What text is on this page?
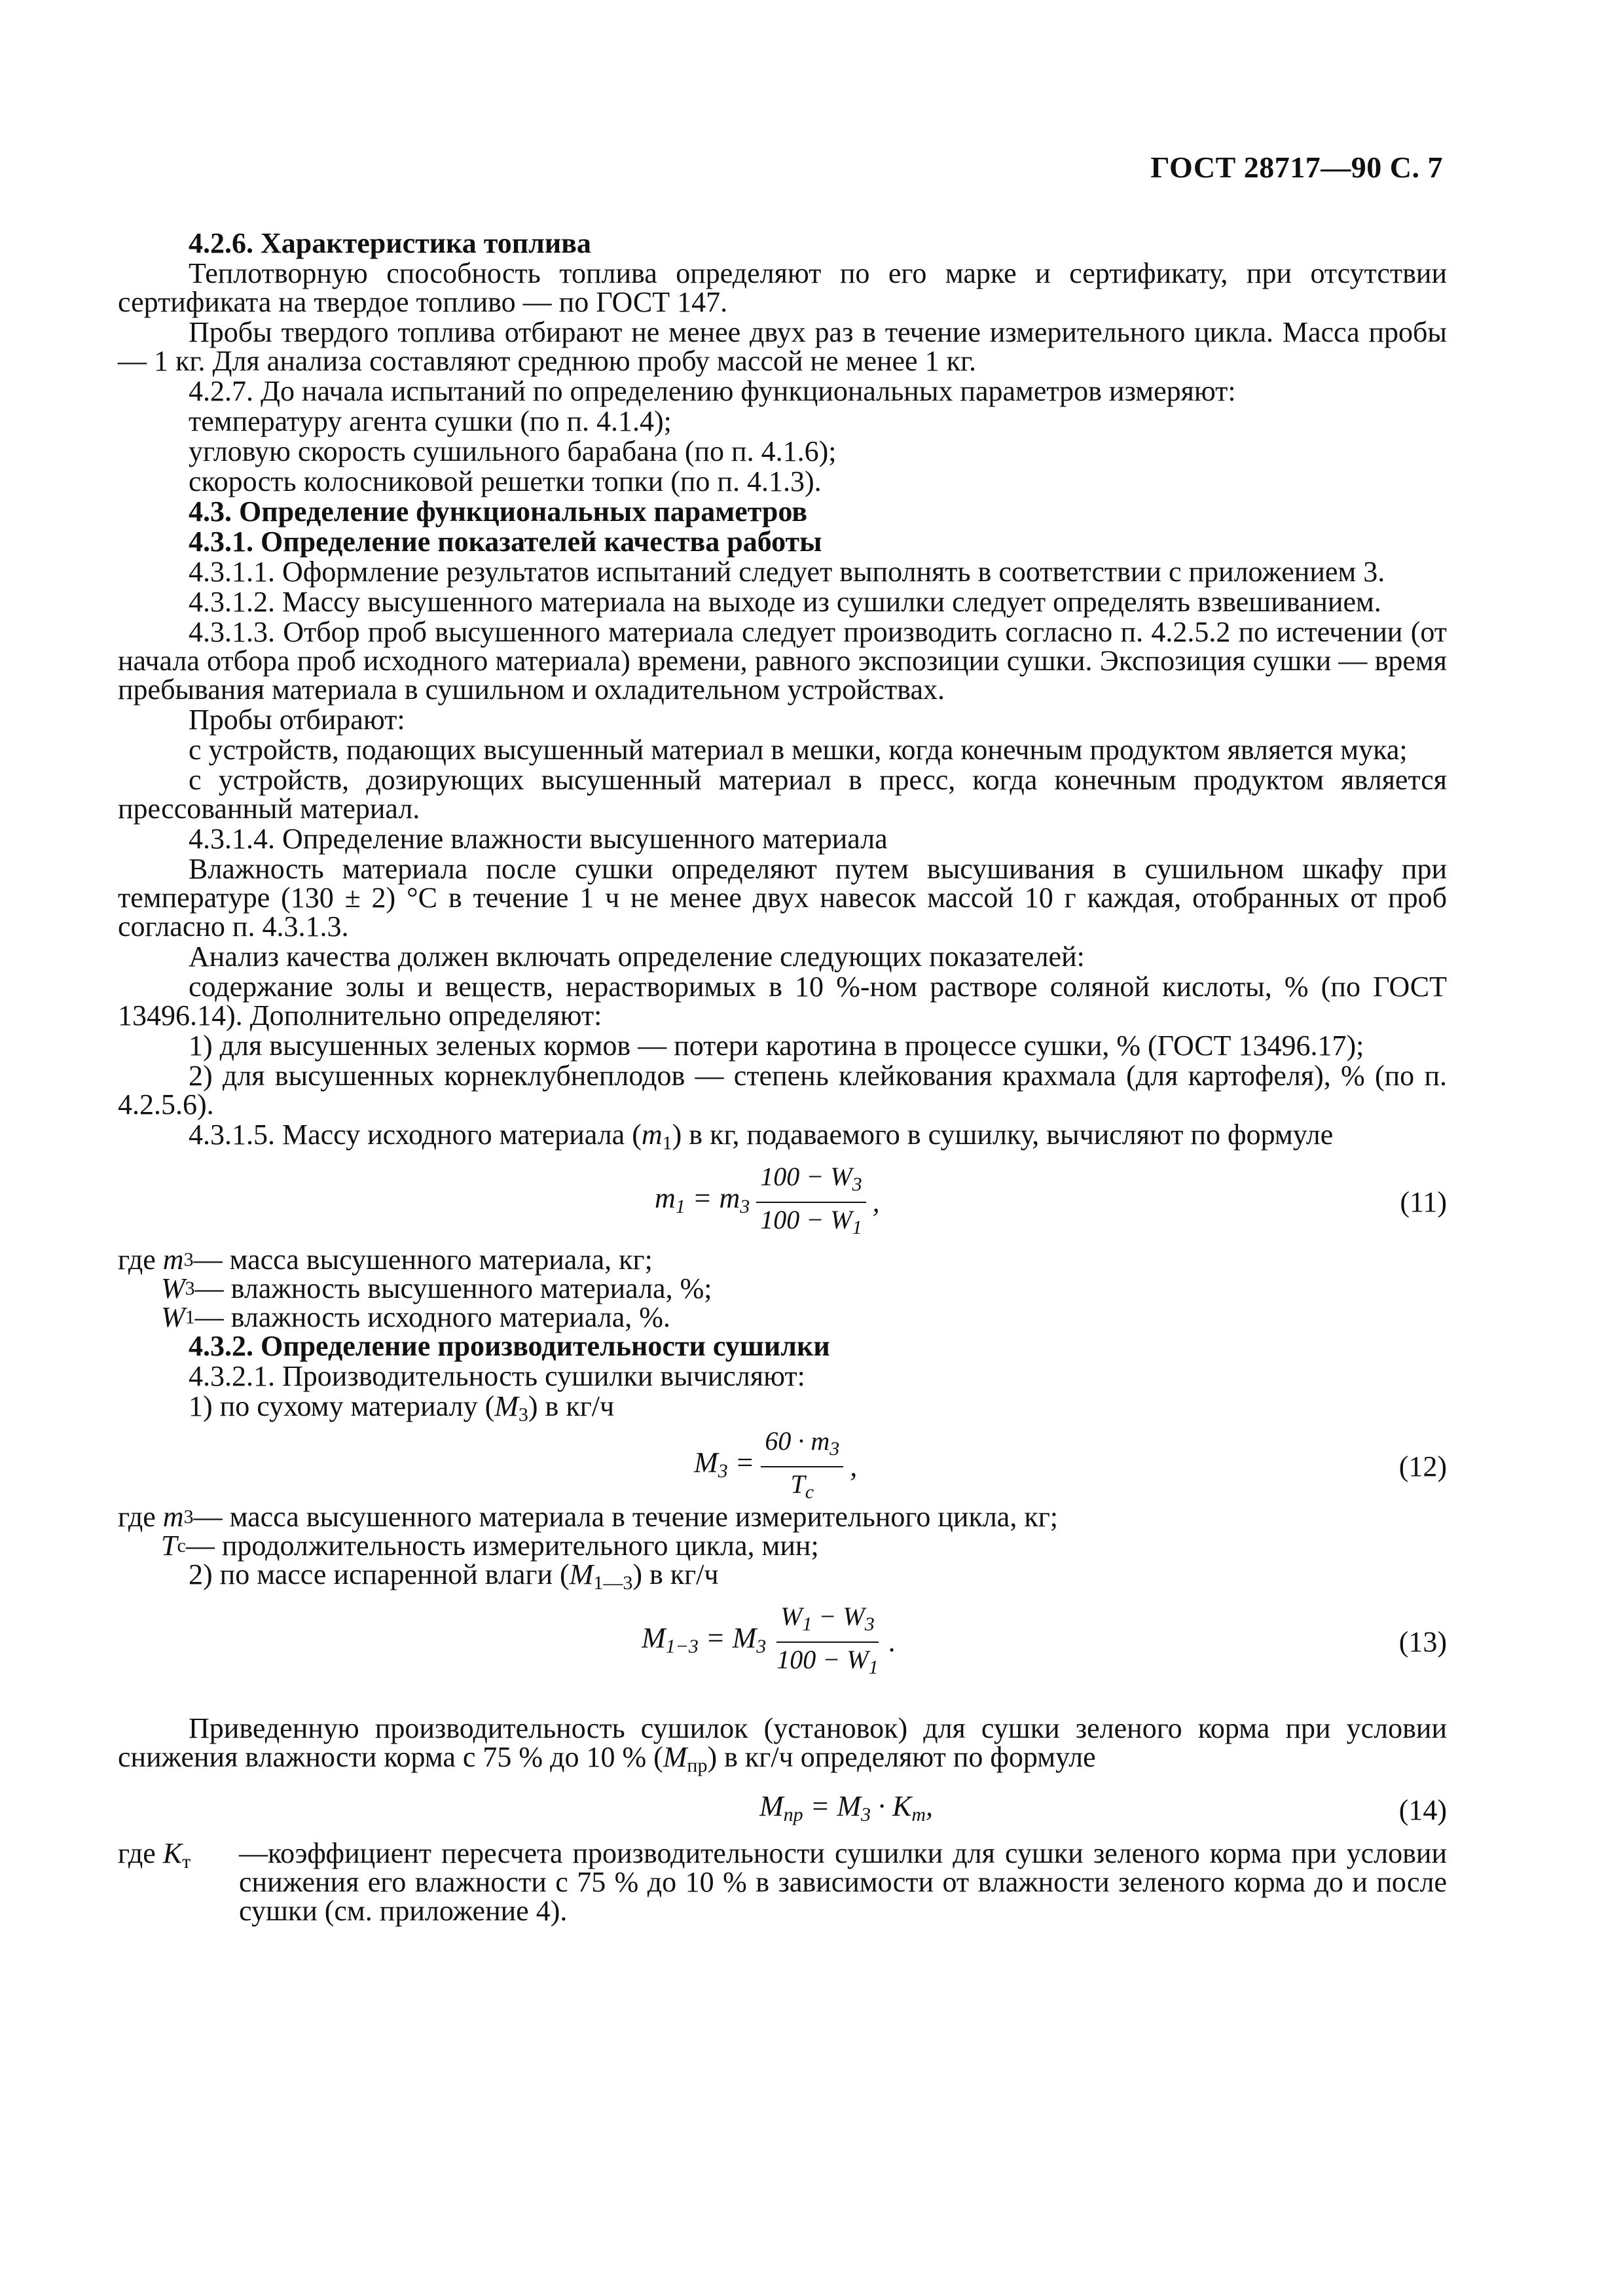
ГОСТ 28717—90 С. 7

4.2.6. Характеристика топлива

Теплотворную способность топлива определяют по его марке и сертификату, при отсутствии сертификата на твердое топливо — по ГОСТ 147.

Пробы твердого топлива отбирают не менее двух раз в течение измерительного цикла. Масса пробы — 1 кг. Для анализа составляют среднюю пробу массой не менее 1 кг.

4.2.7. До начала испытаний по определению функциональных параметров измеряют:

температуру агента сушки (по п. 4.1.4);

угловую скорость сушильного барабана (по п. 4.1.6);

скорость колосниковой решетки топки (по п. 4.1.3).

4.3. Определение функциональных параметров

4.3.1. Определение показателей качества работы

4.3.1.1. Оформление результатов испытаний следует выполнять в соответствии с приложением 3.

4.3.1.2. Массу высушенного материала на выходе из сушилки следует определять взвешиванием.

4.3.1.3. Отбор проб высушенного материала следует производить согласно п. 4.2.5.2 по истечении (от начала отбора проб исходного материала) времени, равного экспозиции сушки. Экспозиция сушки — время пребывания материала в сушильном и охладительном устройствах.

Пробы отбирают:

с устройств, подающих высушенный материал в мешки, когда конечным продуктом является мука;

с устройств, дозирующих высушенный материал в пресс, когда конечным продуктом является прессованный материал.

4.3.1.4. Определение влажности высушенного материала

Влажность материала после сушки определяют путем высушивания в сушильном шкафу при температуре (130 ± 2) °С в течение 1 ч не менее двух навесок массой 10 г каждая, отобранных от проб согласно п. 4.3.1.3.

Анализ качества должен включать определение следующих показателей:

содержание золы и веществ, нерастворимых в 10 %-ном растворе соляной кислоты, % (по ГОСТ 13496.14). Дополнительно определяют:

1) для высушенных зеленых кормов — потери каротина в процессе сушки, % (ГОСТ 13496.17);

2) для высушенных корнеклубнеплодов — степень клейкования крахмала (для картофеля), % (по п. 4.2.5.6).

4.3.1.5. Массу исходного материала $(m_1)$ в кг, подаваемого в сушилку, вычисляют по формуле

$m_1 = m_3 \frac{100 - W_3}{100 - W_1}$ ,	(11)
где m 3 — масса высушенного материала, кг;

W 3 — влажность высушенного материала, %;

W 1 — влажность исходного материала, %.

4.3.2. Определение производительности сушилки

4.3.2.1. Производительность сушилки вычисляют:

1) по сухому материалу $(M_3)$ в кг/ч

$M_3 = \frac{60 \cdot m_3}{T_c}$ ,	(12)
где m 3 — масса высушенного материала в течение измерительного цикла, кг;

T c — продолжительность измерительного цикла, мин;

2) по массе испаренной влаги $(M_{1—3})$ в кг/ч

$M_{1-3} = M_3 \frac{W_1 - W_3}{100 - W_1}$ .	(13)

Приведенную производительность сушилок (установок) для сушки зеленого корма при условии снижения влажности корма с 75 % до 10 % $(M_{пр})$ в кг/ч определяют по формуле

$M_{пр} = M_3 \cdot K_т$,	(14)
где $K_т$	—коэффициент пересчета производительности сушилки для сушки зеленого корма при условии снижения его влажности с 75 % до 10 % в зависимости от влажности зеленого корма до и после сушки (см. приложение 4).
